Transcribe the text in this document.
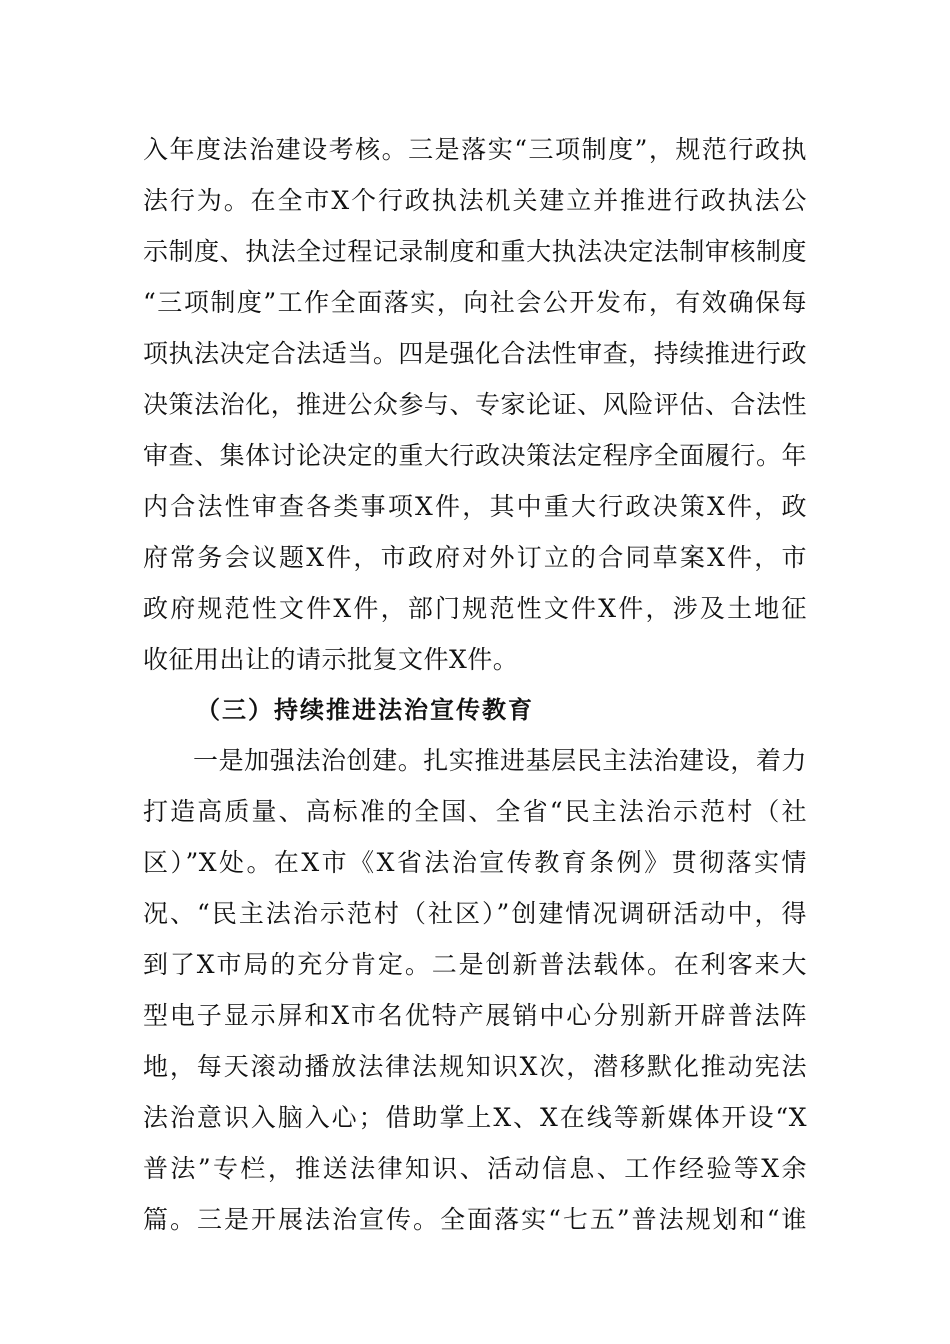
入年度法治建设考核。三是落实“三项制度”，规范行政执
法行为。在全市X个行政执法机关建立并推进行政执法公
示制度、执法全过程记录制度和重大执法决定法制审核制度
“三项制度”工作全面落实，向社会公开发布，有效确保每
项执法决定合法适当。四是强化合法性审查，持续推进行政
决策法治化，推进公众参与、专家论证、风险评估、合法性
审查、集体讨论决定的重大行政决策法定程序全面履行。年
内合法性审查各类事项X件，其中重大行政决策X件，政
府常务会议题X件，市政府对外订立的合同草案X件，市
政府规范性文件X件，部门规范性文件X件，涉及土地征
收征用出让的请示批复文件X件。
（三）持续推进法治宣传教育
一是加强法治创建。扎实推进基层民主法治建设，着力
打造高质量、高标准的全国、全省“民主法治示范村（社
区）”X处。在X市《X省法治宣传教育条例》贯彻落实情
况、“民主法治示范村（社区）”创建情况调研活动中，得
到了X市局的充分肯定。二是创新普法载体。在利客来大
型电子显示屏和X市名优特产展销中心分别新开辟普法阵
地，每天滚动播放法律法规知识X次，潜移默化推动宪法
法治意识入脑入心；借助掌上X、X在线等新媒体开设“X
普法”专栏，推送法律知识、活动信息、工作经验等X余
篇。三是开展法治宣传。全面落实“七五”普法规划和“谁
